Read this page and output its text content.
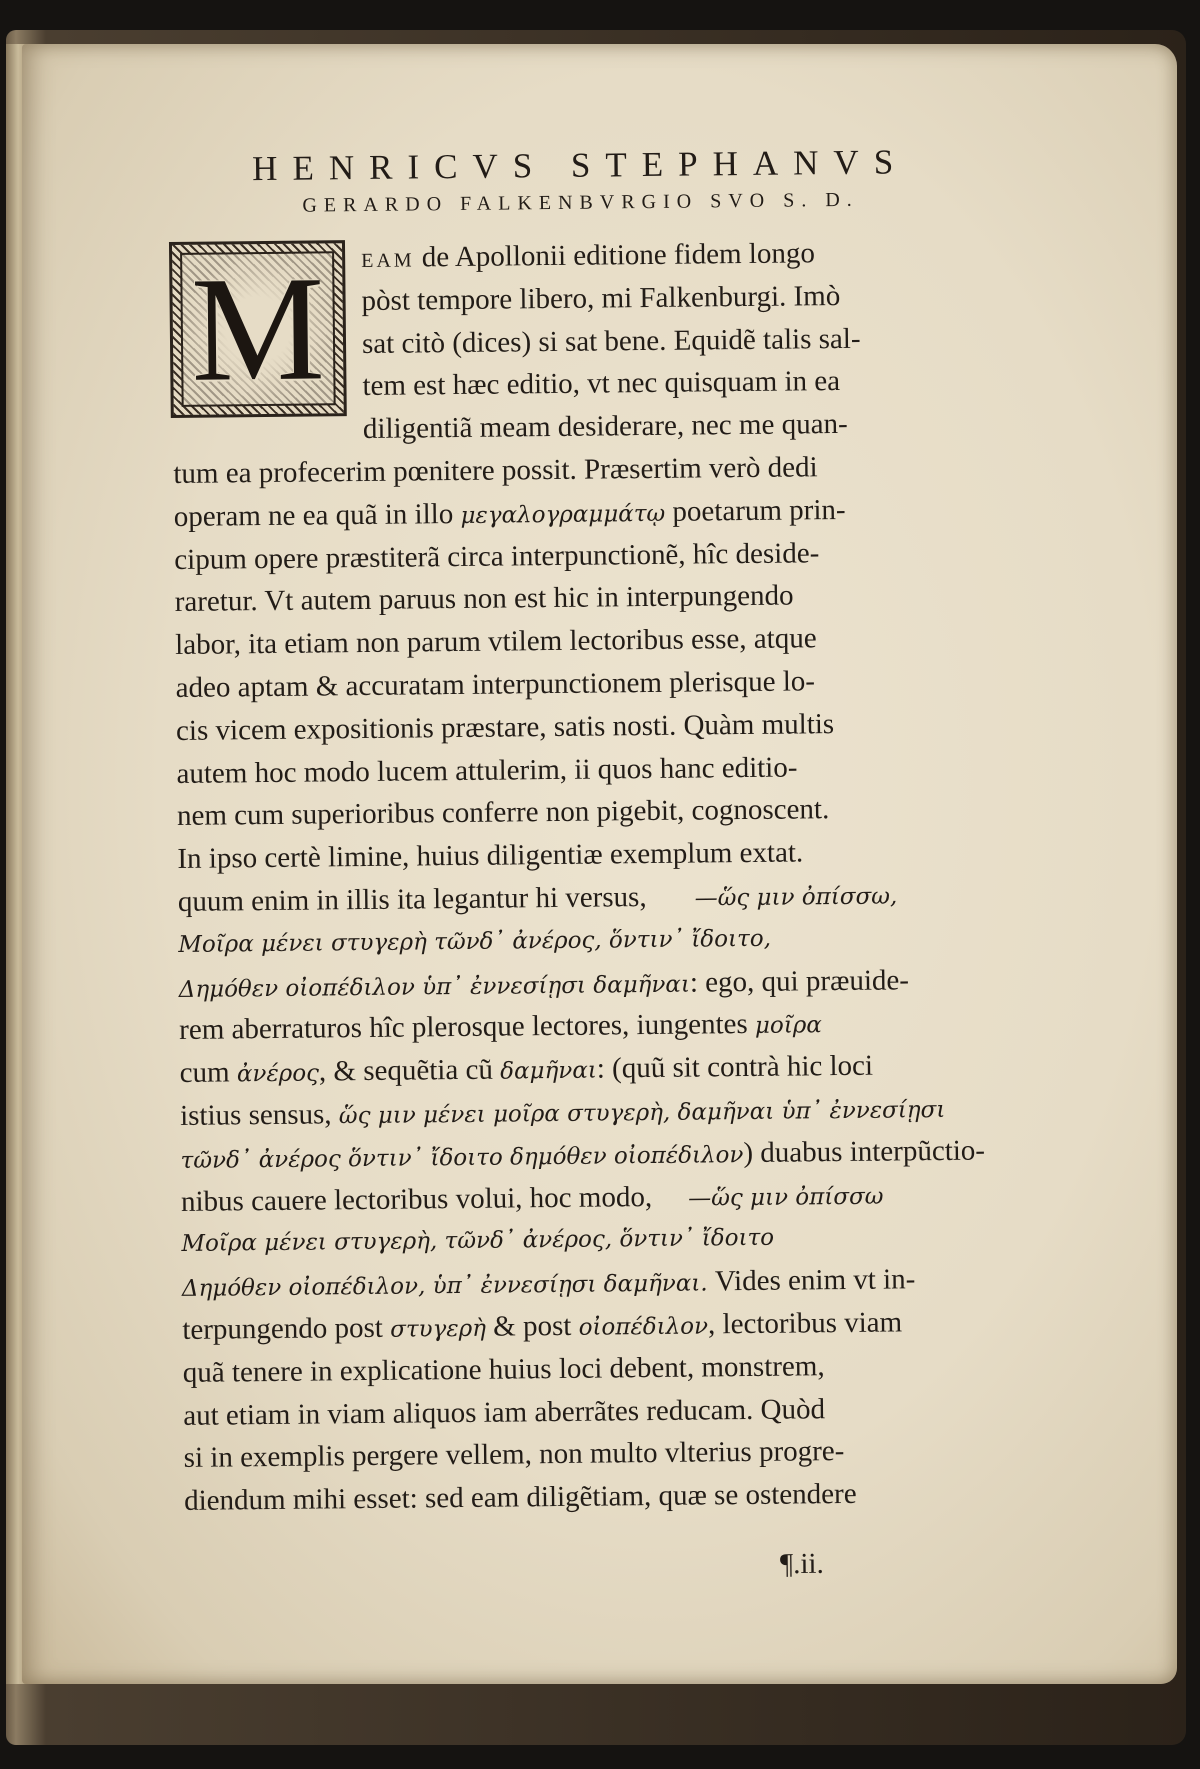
HENRICVS STEPHANVS
GERARDO FALKENBVRGIO SVO S. D.
M	EAM de Apollonii editione fidem longo
pòst tempore libero, mi Falkenburgi. Imò
sat citò (dices) si sat bene. Equidẽ talis sal-
tem est hæc editio, vt nec quisquam in ea
diligentiã meam desiderare, nec me quan-
tum ea profecerim pœnitere possit. Præsertim verò dedi
operam ne ea quã in illo μεγαλογραμμάτῳ poetarum prin-
cipum opere præstiterã circa interpunctionẽ, hîc deside-
raretur. Vt autem paruus non est hic in interpungendo
labor, ita etiam non parum vtilem lectoribus esse, atque
adeo aptam & accuratam interpunctionem plerisque lo-
cis vicem expositionis præstare, satis nosti. Quàm multis
autem hoc modo lucem attulerim, ii quos hanc editio-
nem cum superioribus conferre non pigebit, cognoscent.
In ipso certè limine, huius diligentiæ exemplum extat.
quum enim in illis ita legantur hi versus, —ὥς μιν ὀπίσσω,
Μοῖρα μένει στυγερὴ τῶνδ᾽ ἀνέρος, ὅντιν᾽ ἴδοιτο,
Δημόθεν οἰοπέδιλον ὑπ᾽ ἐννεσίῃσι δαμῆναι: ego, qui præuide-
rem aberraturos hîc plerosque lectores, iungentes μοῖρα
cum ἀνέρος, & sequẽtia cũ δαμῆναι: (quũ sit contrà hic loci
istius sensus, ὥς μιν μένει μοῖρα στυγερὴ, δαμῆναι ὑπ᾽ ἐννεσίῃσι
τῶνδ᾽ ἀνέρος ὅντιν᾽ ἴδοιτο δημόθεν οἰοπέδιλον) duabus interpũctio-
nibus cauere lectoribus volui, hoc modo, —ὥς μιν ὀπίσσω
Μοῖρα μένει στυγερὴ, τῶνδ᾽ ἀνέρος, ὅντιν᾽ ἴδοιτο
Δημόθεν οἰοπέδιλον, ὑπ᾽ ἐννεσίῃσι δαμῆναι. Vides enim vt in-
terpungendo post στυγερὴ & post οἰοπέδιλον, lectoribus viam
quã tenere in explicatione huius loci debent, monstrem,
aut etiam in viam aliquos iam aberrãtes reducam. Quòd
si in exemplis pergere vellem, non multo vlterius progre-
diendum mihi esset: sed eam diligẽtiam, quæ se ostendere
¶.ii.
